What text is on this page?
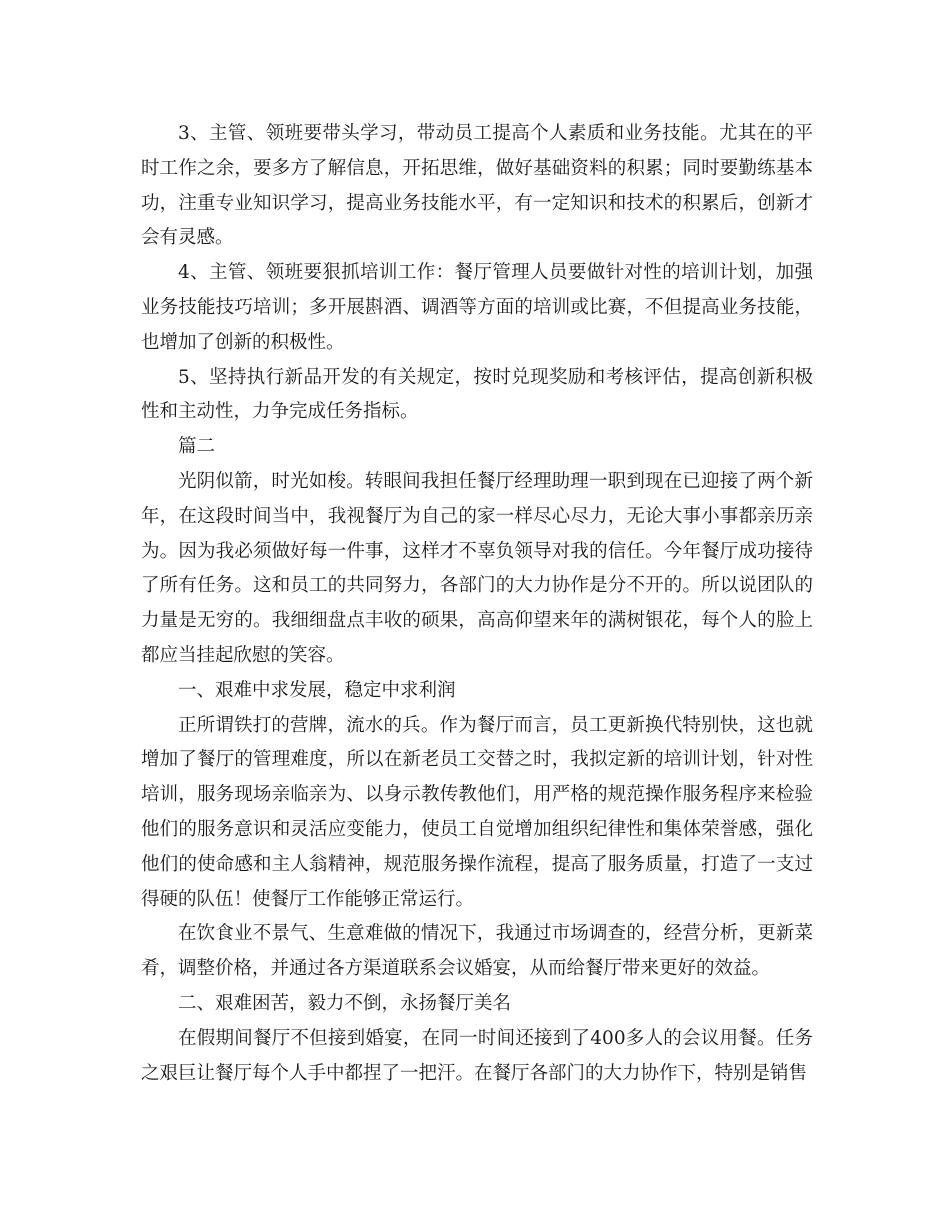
3、主管、领班要带头学习，带动员工提高个人素质和业务技能。尤其在的平时工作之余，要多方了解信息，开拓思维，做好基础资料的积累；同时要勤练基本功，注重专业知识学习，提高业务技能水平，有一定知识和技术的积累后，创新才会有灵感。

4、主管、领班要狠抓培训工作：餐厅管理人员要做针对性的培训计划，加强业务技能技巧培训；多开展斟酒、调酒等方面的培训或比赛，不但提高业务技能，也增加了创新的积极性。

5、坚持执行新品开发的有关规定，按时兑现奖励和考核评估，提高创新积极性和主动性，力争完成任务指标。

篇二

光阴似箭，时光如梭。转眼间我担任餐厅经理助理一职到现在已迎接了两个新年，在这段时间当中，我视餐厅为自己的家一样尽心尽力，无论大事小事都亲历亲为。因为我必须做好每一件事，这样才不辜负领导对我的信任。今年餐厅成功接待了所有任务。这和员工的共同努力，各部门的大力协作是分不开的。所以说团队的力量是无穷的。我细细盘点丰收的硕果，高高仰望来年的满树银花，每个人的脸上都应当挂起欣慰的笑容。

一、艰难中求发展，稳定中求利润

正所谓铁打的营牌，流水的兵。作为餐厅而言，员工更新换代特别快，这也就增加了餐厅的管理难度，所以在新老员工交替之时，我拟定新的培训计划，针对性培训，服务现场亲临亲为、以身示教传教他们，用严格的规范操作服务程序来检验他们的服务意识和灵活应变能力，使员工自觉增加组织纪律性和集体荣誉感，强化他们的使命感和主人翁精神，规范服务操作流程，提高了服务质量，打造了一支过得硬的队伍！使餐厅工作能够正常运行。

在饮食业不景气、生意难做的情况下，我通过市场调查的，经营分析，更新菜肴，调整价格，并通过各方渠道联系会议婚宴，从而给餐厅带来更好的效益。

二、艰难困苦，毅力不倒，永扬餐厅美名

在假期间餐厅不但接到婚宴，在同一时间还接到了400多人的会议用餐。任务之艰巨让餐厅每个人手中都捏了一把汗。在餐厅各部门的大力协作下，特别是销售
